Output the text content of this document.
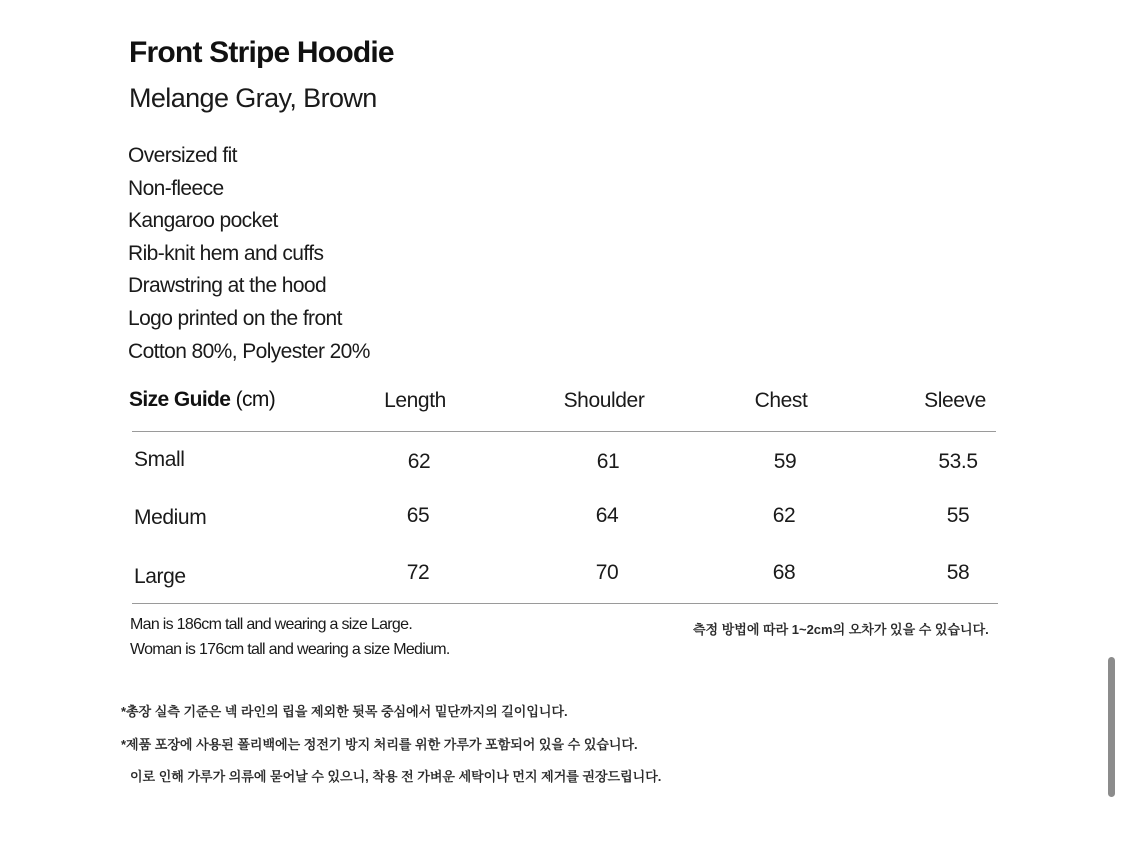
Front Stripe Hoodie
Melange Gray, Brown
Oversized fit
Non-fleece
Kangaroo pocket
Rib-knit hem and cuffs
Drawstring at the hood
Logo printed on the front
Cotton 80%, Polyester 20%
Size Guide (cm)	Length	Shoulder	Chest	Sleeve
Small	62	61	59	53.5
Medium	65	64	62	55
Large	72	70	68	58
Man is 186cm tall and wearing a size Large.
Woman is 176cm tall and wearing a size Medium.
측정 방법에 따라 1~2cm의 오차가 있을 수 있습니다.
*총장 실측 기준은 넥 라인의 립을 제외한 뒷목 중심에서 밑단까지의 길이입니다.
*제품 포장에 사용된 폴리백에는 정전기 방지 처리를 위한 가루가 포함되어 있을 수 있습니다.
이로 인해 가루가 의류에 묻어날 수 있으니, 착용 전 가벼운 세탁이나 먼지 제거를 권장드립니다.
